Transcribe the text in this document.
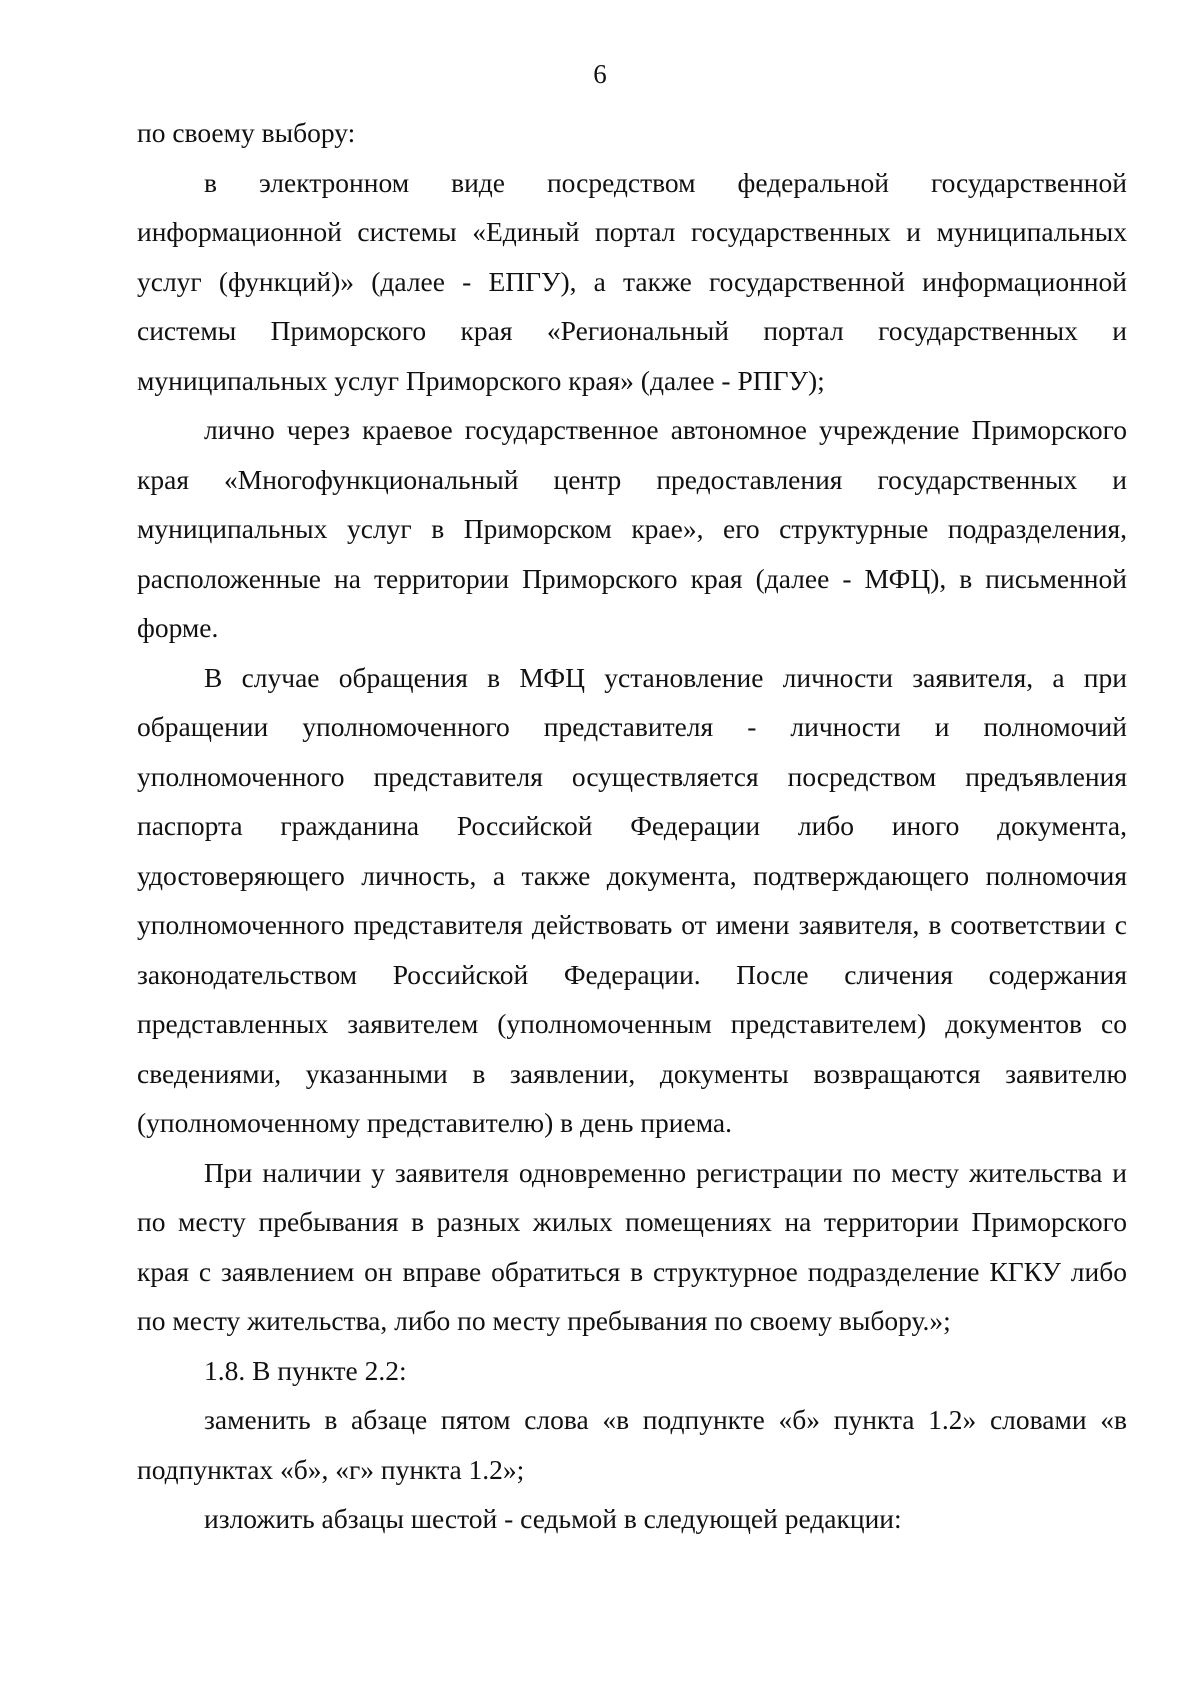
6

по своему выбору:

в электронном виде посредством федеральной государственной информационной системы «Единый портал государственных и муниципальных услуг (функций)» (далее - ЕПГУ), а также государственной информационной системы Приморского края «Региональный портал государственных и муниципальных услуг Приморского края» (далее - РПГУ);

лично через краевое государственное автономное учреждение Приморского края «Многофункциональный центр предоставления государственных и муниципальных услуг в Приморском крае», его структурные подразделения, расположенные на территории Приморского края (далее - МФЦ), в письменной форме.

В случае обращения в МФЦ установление личности заявителя, а при обращении уполномоченного представителя - личности и полномочий уполномоченного представителя осуществляется посредством предъявления паспорта гражданина Российской Федерации либо иного документа, удостоверяющего личность, а также документа, подтверждающего полномочия уполномоченного представителя действовать от имени заявителя, в соответствии с законодательством Российской Федерации. После сличения содержания представленных заявителем (уполномоченным представителем) документов со сведениями, указанными в заявлении, документы возвращаются заявителю (уполномоченному представителю) в день приема.

При наличии у заявителя одновременно регистрации по месту жительства и по месту пребывания в разных жилых помещениях на территории Приморского края с заявлением он вправе обратиться в структурное подразделение КГКУ либо по месту жительства, либо по месту пребывания по своему выбору.»;

1.8. В пункте 2.2:

заменить в абзаце пятом слова «в подпункте «б» пункта 1.2» словами «в подпунктах «б», «г» пункта 1.2»;

изложить абзацы шестой - седьмой в следующей редакции:
